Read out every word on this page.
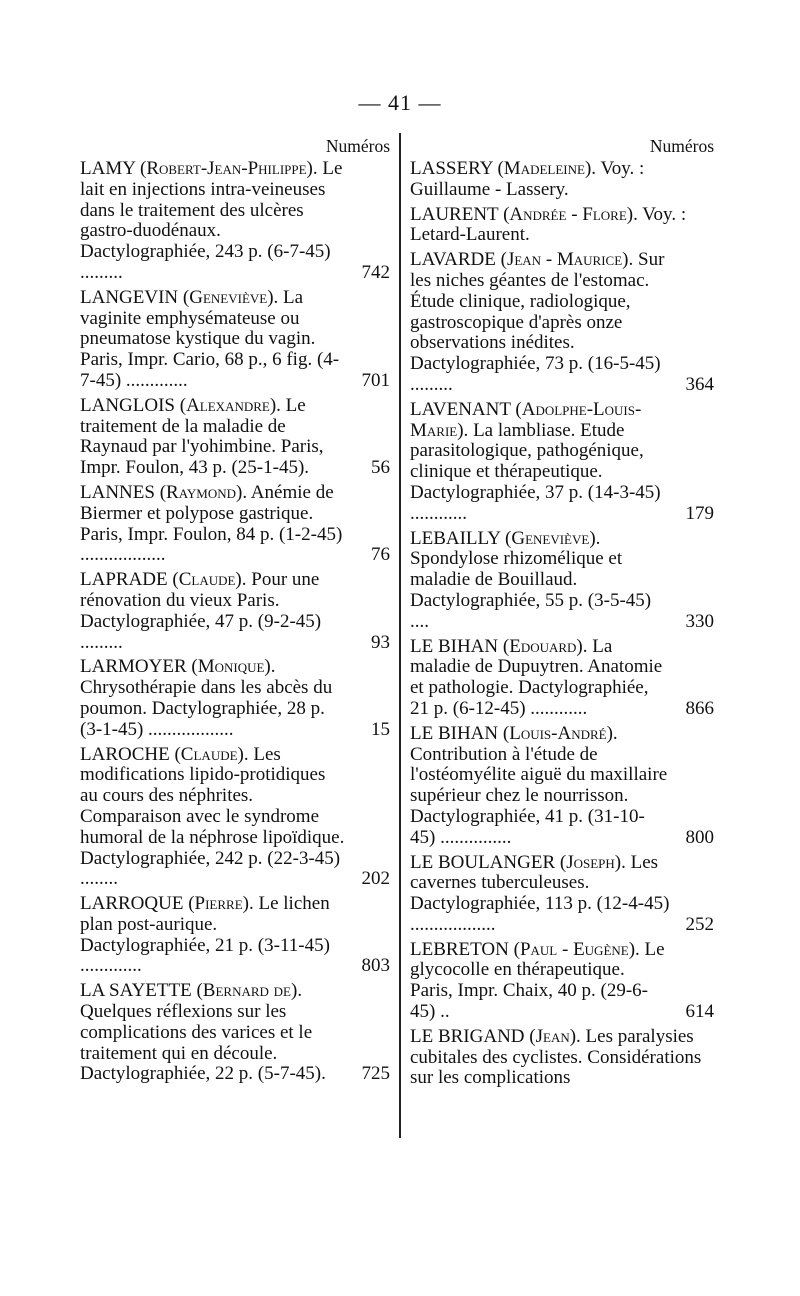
— 41 —
Numéros
LAMY (Robert-Jean-Philippe). Le lait en injections intra-veineuses dans le traitement des ulcères gastro-duodénaux. Dactylographiée, 243 p. (6-7-45) .........	742
LANGEVIN (Geneviève). La vaginite emphysémateuse ou pneumatose kystique du vagin. Paris, Impr. Cario, 68 p., 6 fig. (4-7-45) .............	701
LANGLOIS (Alexandre). Le traitement de la maladie de Raynaud par l'yohimbine. Paris, Impr. Foulon, 43 p. (25-1-45).	56
LANNES (Raymond). Anémie de Biermer et polypose gastrique. Paris, Impr. Foulon, 84 p. (1-2-45) ..................	76
LAPRADE (Claude). Pour une rénovation du vieux Paris. Dactylographiée, 47 p. (9-2-45) .........	93
LARMOYER (Monique). Chrysothérapie dans les abcès du poumon. Dactylographiée, 28 p. (3-1-45) ..................	15
LAROCHE (Claude). Les modifications lipido-protidiques au cours des néphrites. Comparaison avec le syndrome humoral de la néphrose lipoïdique. Dactylographiée, 242 p. (22-3-45) ........	202
LARROQUE (Pierre). Le lichen plan post-aurique. Dactylographiée, 21 p. (3-11-45) .............	803
LA SAYETTE (Bernard de). Quelques réflexions sur les complications des varices et le traitement qui en découle. Dactylographiée, 22 p. (5-7-45).	725
Numéros
LASSERY (Madeleine). Voy. : Guillaume - Lassery.
LAURENT (Andrée - Flore). Voy. : Letard-Laurent.
LAVARDE (Jean - Maurice). Sur les niches géantes de l'estomac. Étude clinique, radiologique, gastroscopique d'après onze observations inédites. Dactylographiée, 73 p. (16-5-45) .........	364
LAVENANT (Adolphe-Louis-Marie). La lambliase. Etude parasitologique, pathogénique, clinique et thérapeutique. Dactylographiée, 37 p. (14-3-45) ............	179
LEBAILLY (Geneviève). Spondylose rhizomélique et maladie de Bouillaud. Dactylographiée, 55 p. (3-5-45) ....	330
LE BIHAN (Edouard). La maladie de Dupuytren. Anatomie et pathologie. Dactylographiée, 21 p. (6-12-45) ............	866
LE BIHAN (Louis-André). Contribution à l'étude de l'ostéomyélite aiguë du maxillaire supérieur chez le nourrisson. Dactylographiée, 41 p. (31-10-45) ...............	800
LE BOULANGER (Joseph). Les cavernes tuberculeuses. Dactylographiée, 113 p. (12-4-45) ..................	252
LEBRETON (Paul - Eugène). Le glycocolle en thérapeutique. Paris, Impr. Chaix, 40 p. (29-6-45) ..	614
LE BRIGAND (Jean). Les paralysies cubitales des cyclistes. Considérations sur les complications
